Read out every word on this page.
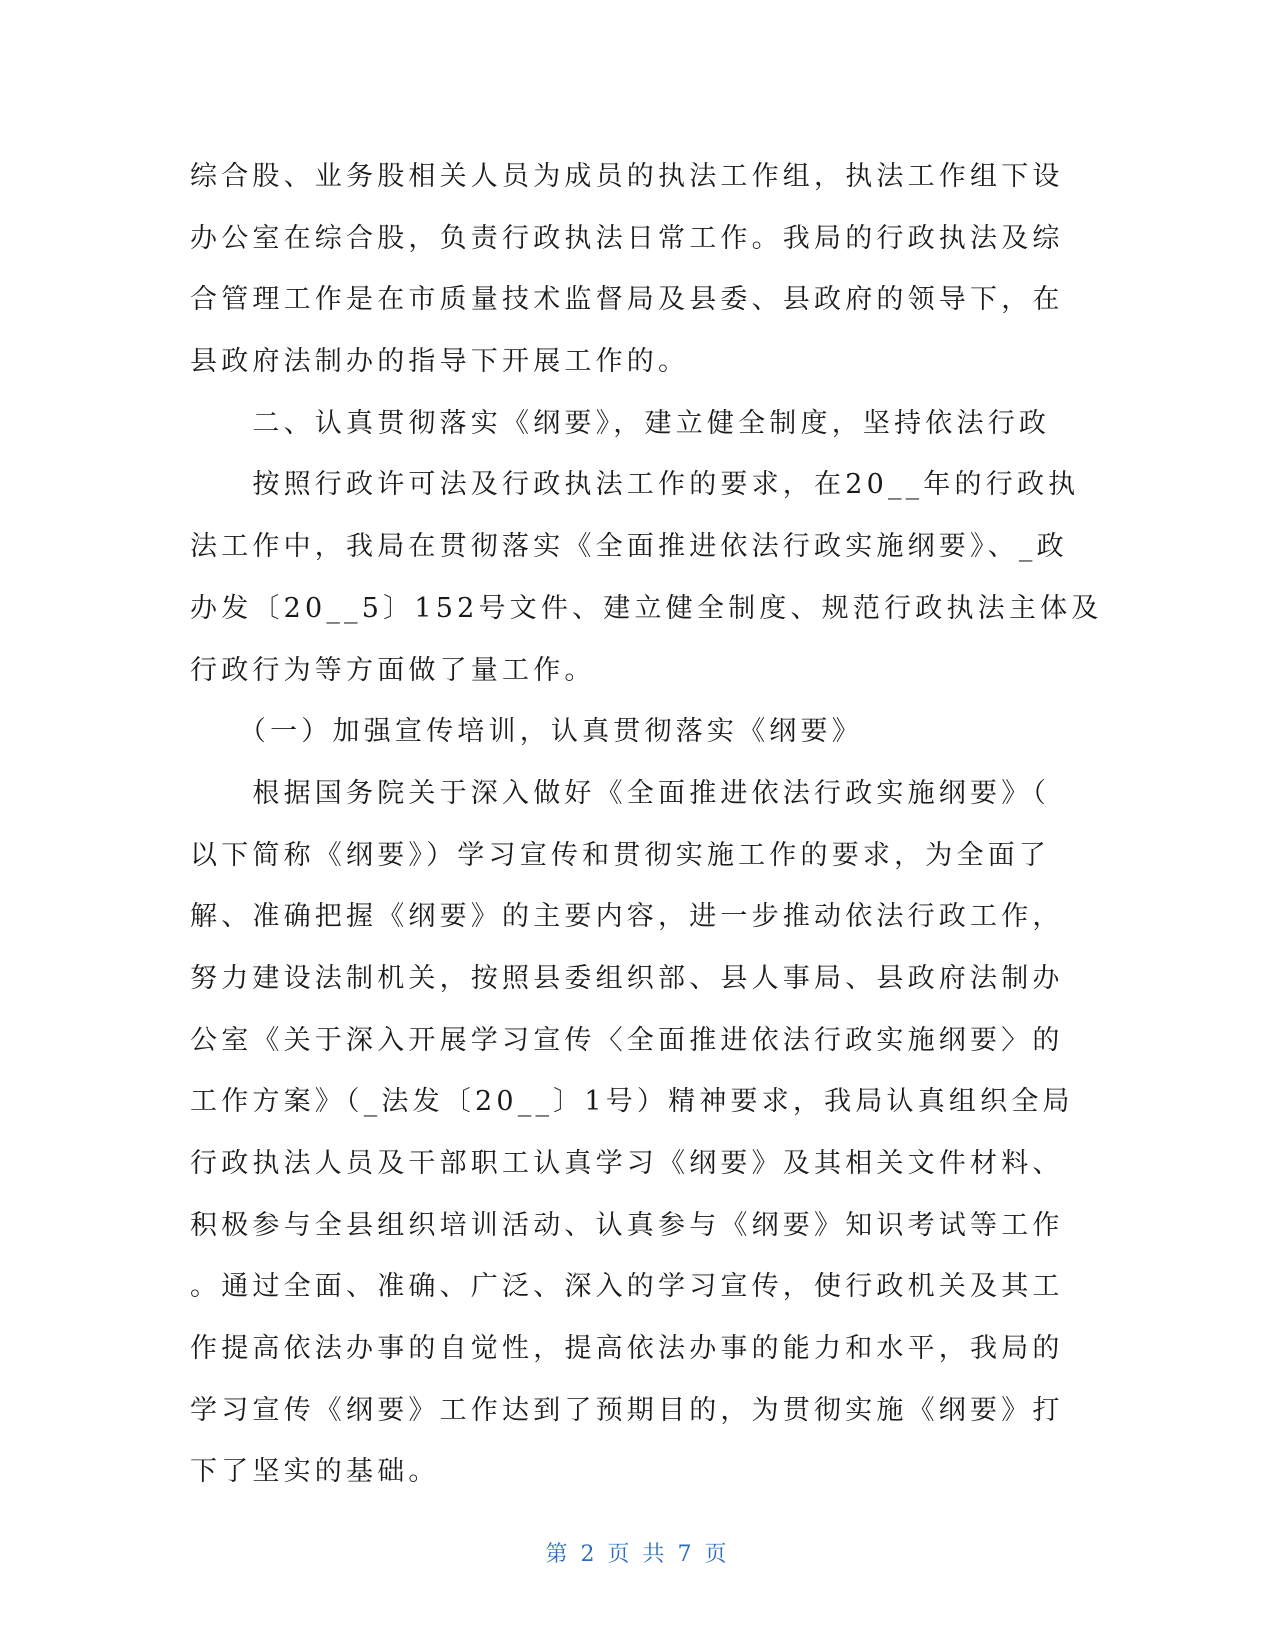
综合股、业务股相关人员为成员的执法工作组，执法工作组下设
办公室在综合股，负责行政执法日常工作。我局的行政执法及综
合管理工作是在市质量技术监督局及县委、县政府的领导下，在
县政府法制办的指导下开展工作的。
　　二、认真贯彻落实《纲要》，建立健全制度，坚持依法行政
　　按照行政许可法及行政执法工作的要求，在20__年的行政执
法工作中，我局在贯彻落实《全面推进依法行政实施纲要》、_政
办发〔20__5〕152号文件、建立健全制度、规范行政执法主体及
行政行为等方面做了量工作。
　　（一）加强宣传培训，认真贯彻落实《纲要》
　　根据国务院关于深入做好《全面推进依法行政实施纲要》（
以下简称《纲要》）学习宣传和贯彻实施工作的要求，为全面了
解、准确把握《纲要》的主要内容，进一步推动依法行政工作，
努力建设法制机关，按照县委组织部、县人事局、县政府法制办
公室《关于深入开展学习宣传〈全面推进依法行政实施纲要〉的
工作方案》（_法发〔20__〕1号）精神要求，我局认真组织全局
行政执法人员及干部职工认真学习《纲要》及其相关文件材料、
积极参与全县组织培训活动、认真参与《纲要》知识考试等工作
。通过全面、准确、广泛、深入的学习宣传，使行政机关及其工
作提高依法办事的自觉性，提高依法办事的能力和水平，我局的
学习宣传《纲要》工作达到了预期目的，为贯彻实施《纲要》打
下了坚实的基础。
第 2 页 共 7 页
